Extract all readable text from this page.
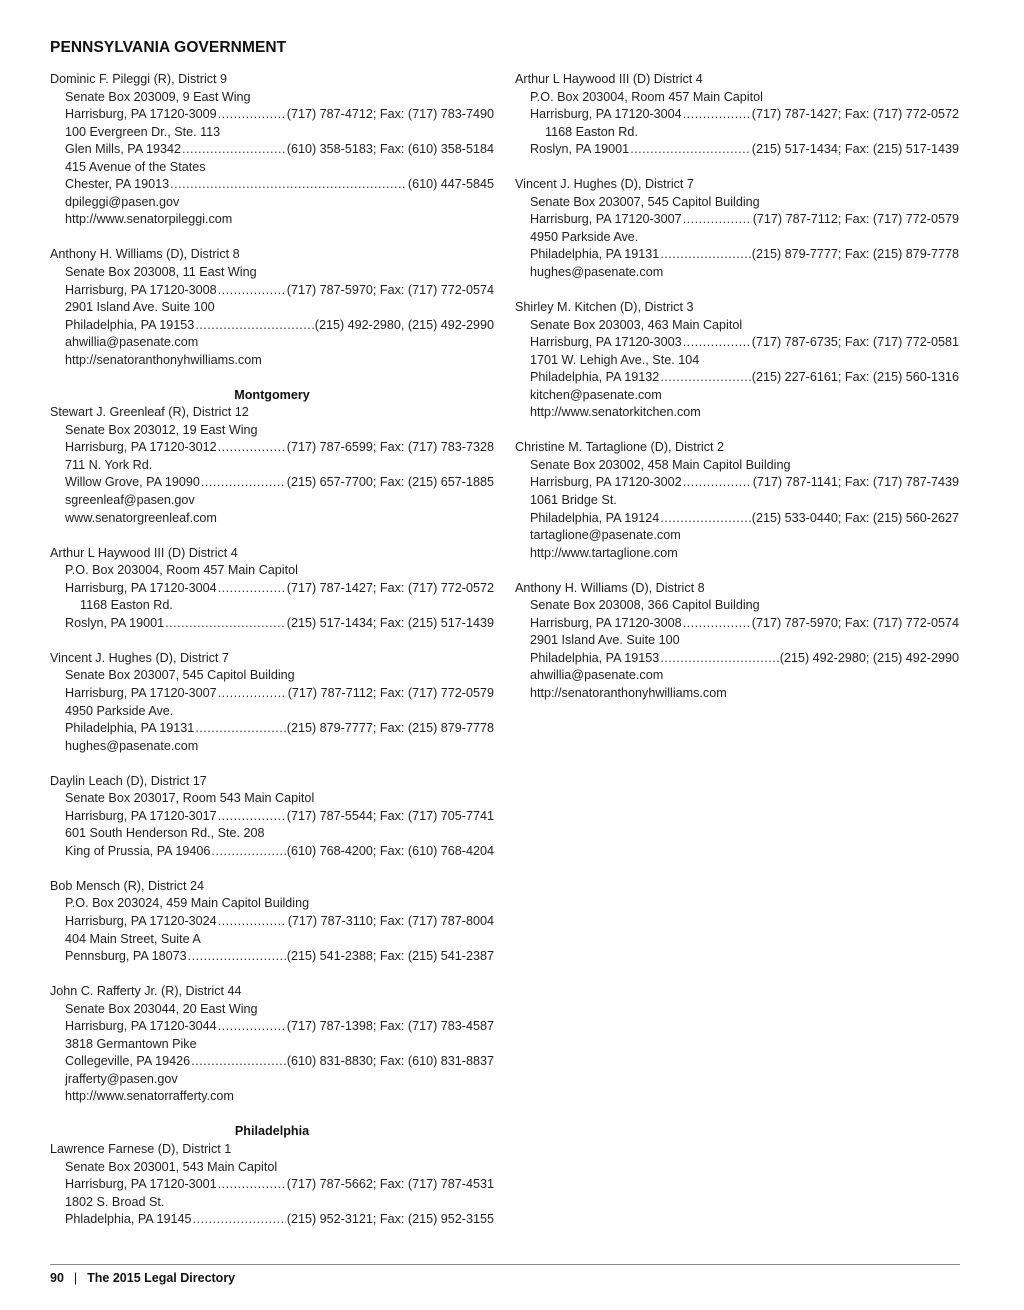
PENNSYLVANIA GOVERNMENT
Dominic F. Pileggi (R), District 9
Senate Box 203009, 9 East Wing
Harrisburg, PA 17120-3009 .....	(717) 787-4712; Fax: (717) 783-7490
100 Evergreen Dr., Ste. 113
Glen Mills, PA 19342 .....	(610) 358-5183; Fax: (610) 358-5184
415 Avenue of the States
Chester, PA 19013 .....	(610) 447-5845
dpileggi@pasen.gov
http://www.senatorpileggi.com
Anthony H. Williams (D), District 8
Senate Box 203008, 11 East Wing
Harrisburg, PA 17120-3008 .....	(717) 787-5970; Fax: (717) 772-0574
2901 Island Ave. Suite 100
Philadelphia, PA 19153 .....	(215) 492-2980, (215) 492-2990
ahwillia@pasenate.com
http://senatoranthonyhwilliams.com
Montgomery
Stewart J. Greenleaf (R), District 12
Senate Box 203012, 19 East Wing
Harrisburg, PA 17120-3012 .....	(717) 787-6599; Fax: (717) 783-7328
711 N. York Rd.
Willow Grove, PA 19090 .....	(215) 657-7700; Fax: (215) 657-1885
sgreenleaf@pasen.gov
www.senatorgreenleaf.com
Arthur L Haywood III (D) District 4
P.O. Box 203004, Room 457 Main Capitol
Harrisburg, PA 17120-3004 .....	(717) 787-1427; Fax: (717) 772-0572
1168 Easton Rd.
Roslyn, PA 19001 .....	(215) 517-1434; Fax: (215) 517-1439
Vincent J. Hughes (D), District 7
Senate Box 203007, 545 Capitol Building
Harrisburg, PA 17120-3007 .....	(717) 787-7112; Fax: (717) 772-0579
4950 Parkside Ave.
Philadelphia, PA 19131 .....	(215) 879-7777; Fax: (215) 879-7778
hughes@pasenate.com
Daylin Leach (D), District 17
Senate Box 203017, Room 543 Main Capitol
Harrisburg, PA 17120-3017 .....	(717) 787-5544; Fax: (717) 705-7741
601 South Henderson Rd., Ste. 208
King of Prussia, PA 19406 .....	(610) 768-4200; Fax: (610) 768-4204
Bob Mensch (R), District 24
P.O. Box 203024, 459 Main Capitol Building
Harrisburg, PA 17120-3024 .....	(717) 787-3110; Fax: (717) 787-8004
404 Main Street, Suite A
Pennsburg, PA 18073 .....	(215) 541-2388; Fax: (215) 541-2387
John C. Rafferty Jr. (R), District 44
Senate Box 203044, 20 East Wing
Harrisburg, PA 17120-3044 .....	(717) 787-1398; Fax: (717) 783-4587
3818 Germantown Pike
Collegeville, PA 19426 .....	(610) 831-8830; Fax: (610) 831-8837
jrafferty@pasen.gov
http://www.senatorrafferty.com
Philadelphia
Lawrence Farnese (D), District 1
Senate Box 203001, 543 Main Capitol
Harrisburg, PA 17120-3001 .....	(717) 787-5662; Fax: (717) 787-4531
1802 S. Broad St.
Phladelphia, PA 19145 .....	(215) 952-3121; Fax: (215) 952-3155
Arthur L Haywood III (D) District 4
P.O. Box 203004, Room 457 Main Capitol
Harrisburg, PA 17120-3004 .....	(717) 787-1427; Fax: (717) 772-0572
1168 Easton Rd.
Roslyn, PA 19001 .....	(215) 517-1434; Fax: (215) 517-1439
Vincent J. Hughes (D), District 7
Senate Box 203007, 545 Capitol Building
Harrisburg, PA 17120-3007 .....	(717) 787-7112; Fax: (717) 772-0579
4950 Parkside Ave.
Philadelphia, PA 19131 .....	(215) 879-7777; Fax: (215) 879-7778
hughes@pasenate.com
Shirley M. Kitchen (D), District 3
Senate Box 203003, 463 Main Capitol
Harrisburg, PA 17120-3003 .....	(717) 787-6735; Fax: (717) 772-0581
1701 W. Lehigh Ave., Ste. 104
Philadelphia, PA 19132 .....	(215) 227-6161; Fax: (215) 560-1316
kitchen@pasenate.com
http://www.senatorkitchen.com
Christine M. Tartaglione (D), District 2
Senate Box 203002, 458 Main Capitol Building
Harrisburg, PA 17120-3002 .....	(717) 787-1141; Fax: (717) 787-7439
1061 Bridge St.
Philadelphia, PA 19124 .....	(215) 533-0440; Fax: (215) 560-2627
tartaglione@pasenate.com
http://www.tartaglione.com
Anthony H. Williams (D), District 8
Senate Box 203008, 366 Capitol Building
Harrisburg, PA 17120-3008 .....	(717) 787-5970; Fax: (717) 772-0574
2901 Island Ave. Suite 100
Philadelphia, PA 19153 .....	(215) 492-2980; (215) 492-2990
ahwillia@pasenate.com
http://senatoranthonyhwilliams.com
90 | The 2015 Legal Directory
